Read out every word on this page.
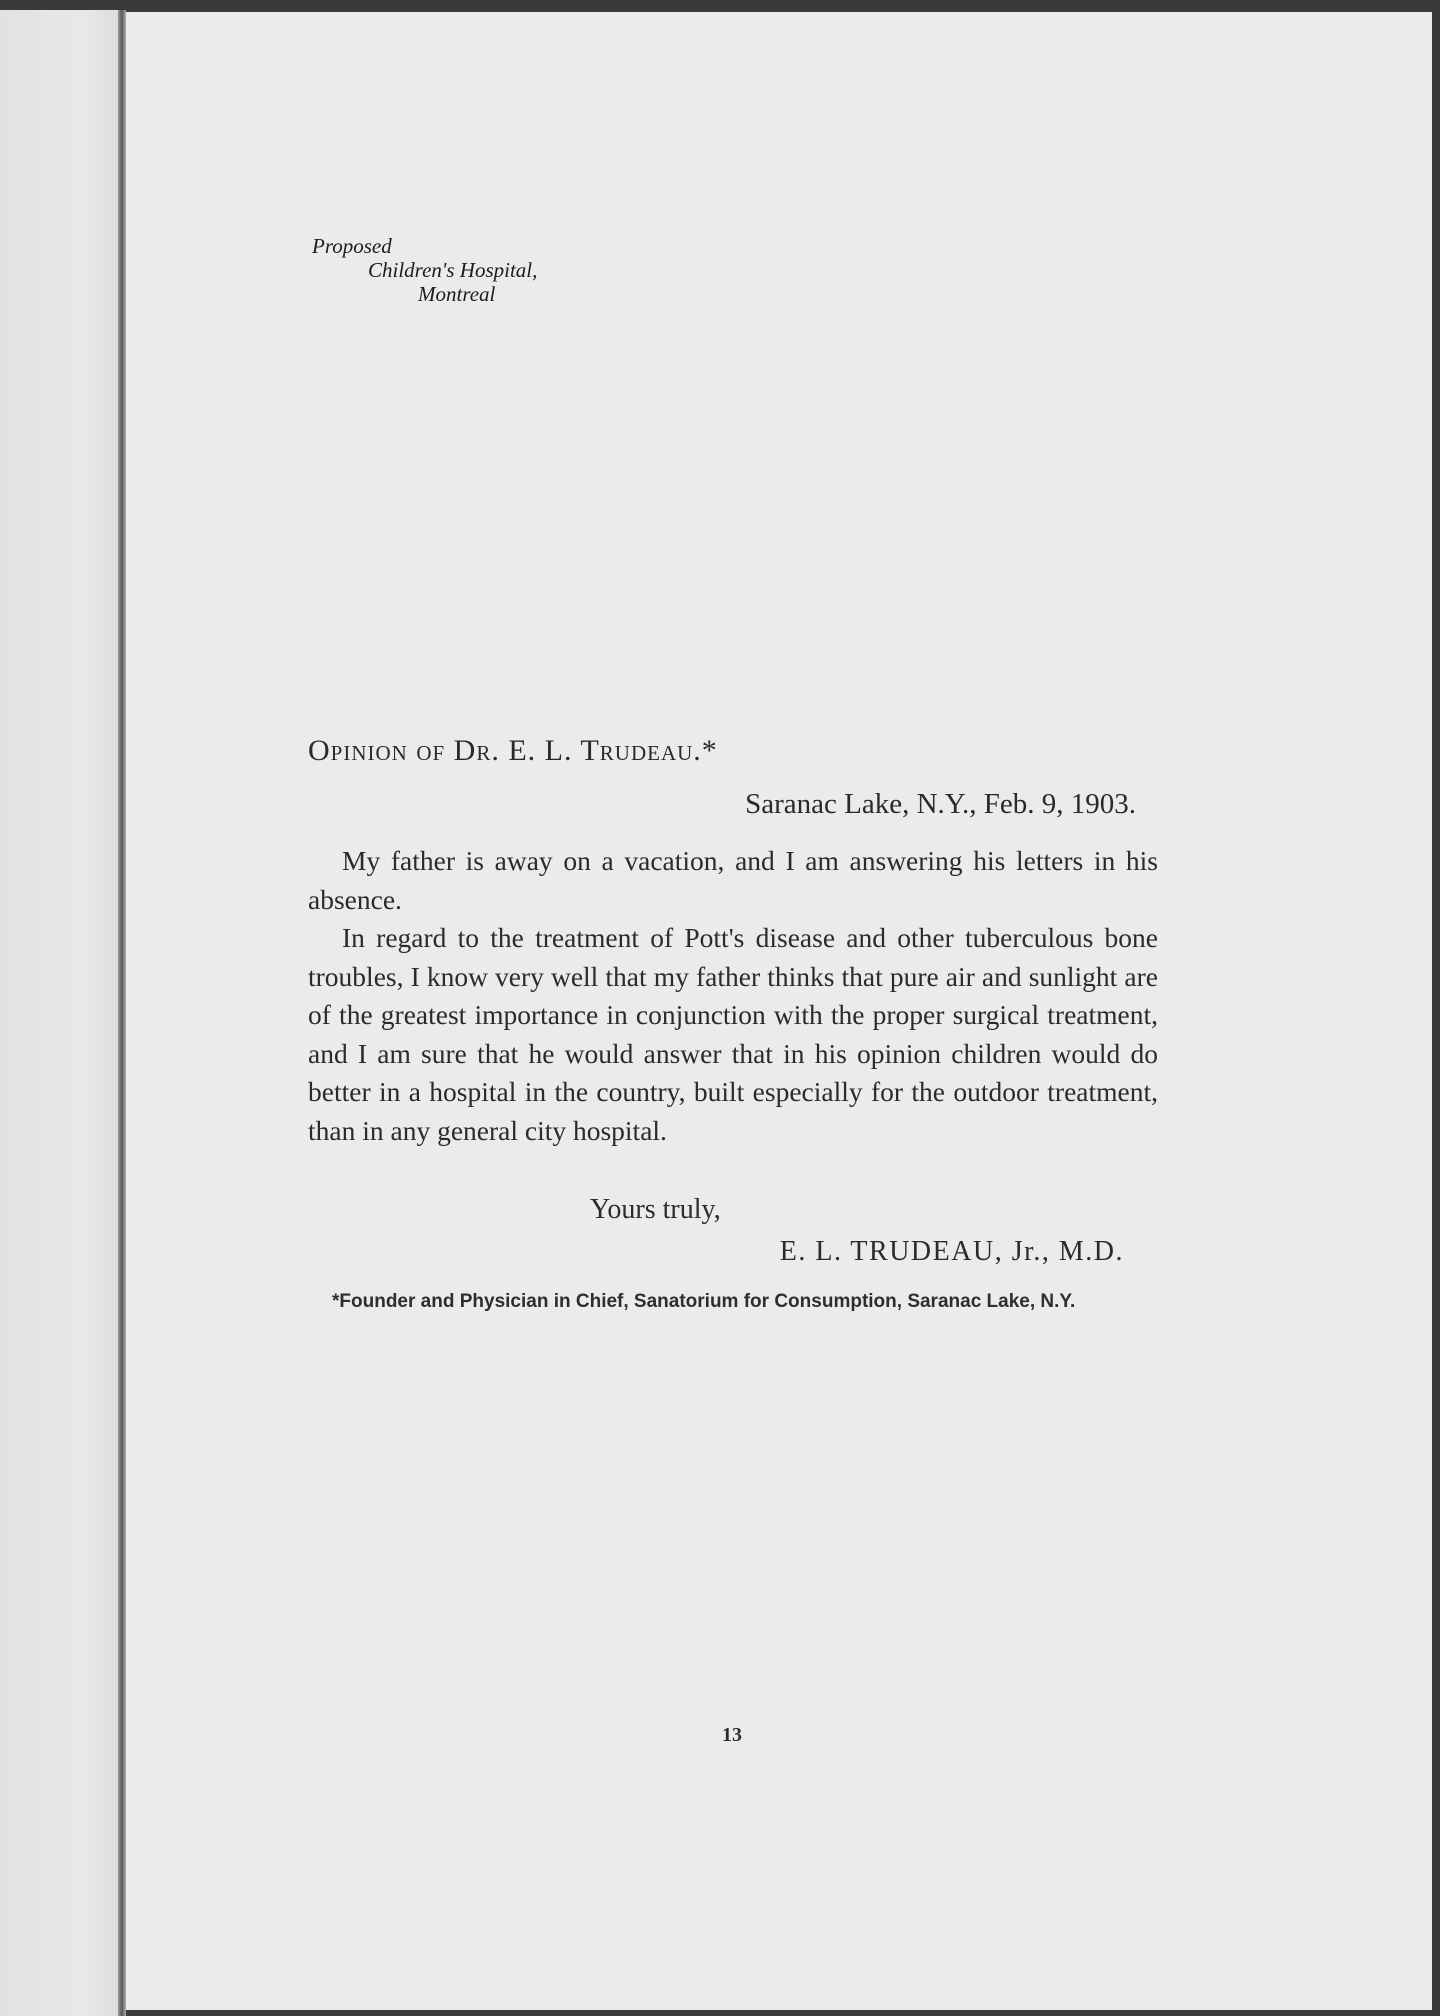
Proposed
Children's Hospital,
Montreal
Opinion of Dr. E. L. Trudeau.*
Saranac Lake, N.Y., Feb. 9, 1903.

My father is away on a vacation, and I am answering his letters in his absence.

In regard to the treatment of Pott's disease and other tuberculous bone troubles, I know very well that my father thinks that pure air and sunlight are of the greatest importance in conjunction with the proper surgical treatment, and I am sure that he would answer that in his opinion children would do better in a hospital in the country, built especially for the outdoor treatment, than in any general city hospital.

Yours truly,
E. L. TRUDEAU, Jr., M.D.
*Founder and Physician in Chief, Sanatorium for Consumption, Saranac Lake, N.Y.
13
